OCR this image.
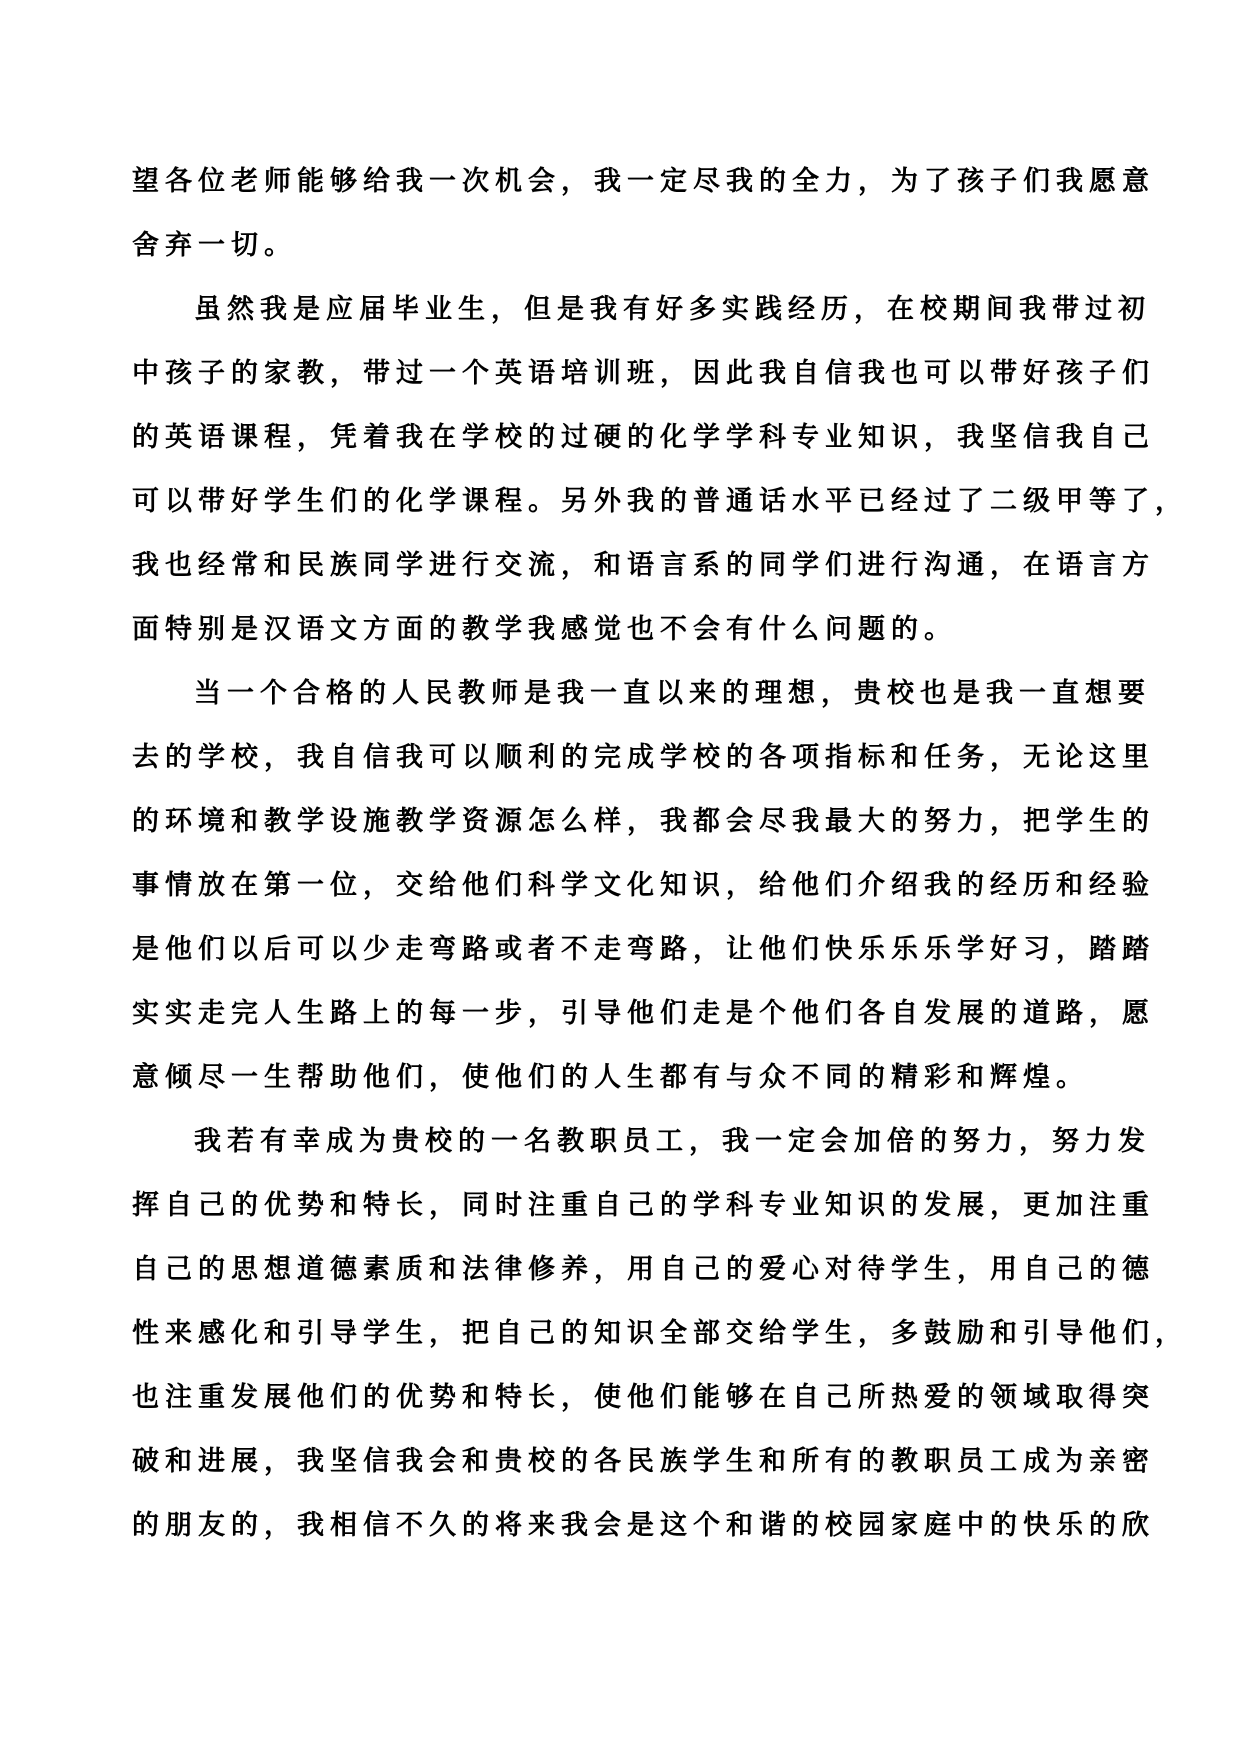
望各位老师能够给我一次机会，我一定尽我的全力，为了孩子们我愿意
舍弃一切。
虽然我是应届毕业生，但是我有好多实践经历，在校期间我带过初
中孩子的家教，带过一个英语培训班，因此我自信我也可以带好孩子们
的英语课程，凭着我在学校的过硬的化学学科专业知识，我坚信我自己
可以带好学生们的化学课程。另外我的普通话水平已经过了二级甲等了，
我也经常和民族同学进行交流，和语言系的同学们进行沟通，在语言方
面特别是汉语文方面的教学我感觉也不会有什么问题的。
当一个合格的人民教师是我一直以来的理想，贵校也是我一直想要
去的学校，我自信我可以顺利的完成学校的各项指标和任务，无论这里
的环境和教学设施教学资源怎么样，我都会尽我最大的努力，把学生的
事情放在第一位，交给他们科学文化知识，给他们介绍我的经历和经验
是他们以后可以少走弯路或者不走弯路，让他们快乐乐乐学好习，踏踏
实实走完人生路上的每一步，引导他们走是个他们各自发展的道路，愿
意倾尽一生帮助他们，使他们的人生都有与众不同的精彩和辉煌。
我若有幸成为贵校的一名教职员工，我一定会加倍的努力，努力发
挥自己的优势和特长，同时注重自己的学科专业知识的发展，更加注重
自己的思想道德素质和法律修养，用自己的爱心对待学生，用自己的德
性来感化和引导学生，把自己的知识全部交给学生，多鼓励和引导他们，
也注重发展他们的优势和特长，使他们能够在自己所热爱的领域取得突
破和进展，我坚信我会和贵校的各民族学生和所有的教职员工成为亲密
的朋友的，我相信不久的将来我会是这个和谐的校园家庭中的快乐的欣
